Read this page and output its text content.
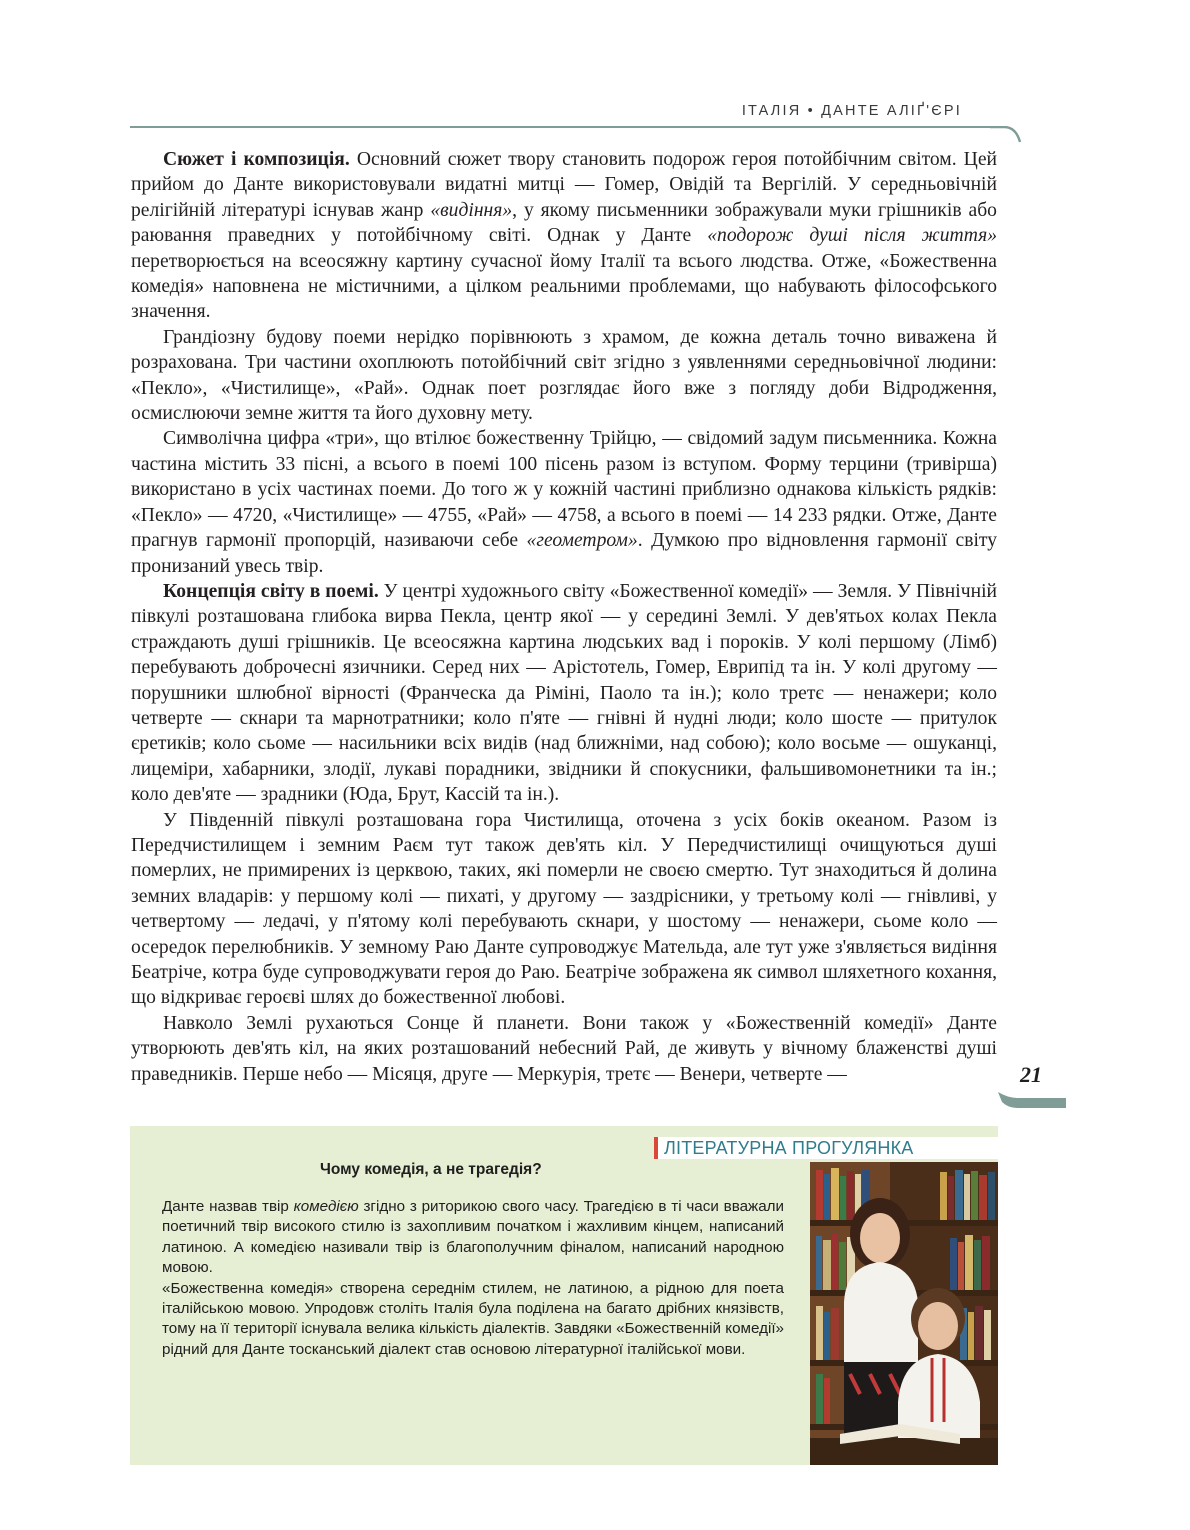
ІТАЛІЯ • ДАНТЕ АЛІҐ'ЄРІ

Сюжет і композиція. Основний сюжет твору становить подорож героя потойбічним світом. Цей прийом до Данте використовували видатні митці — Гомер, Овідій та Вергілій. У середньовічній релігійній літературі існував жанр «видіння», у якому письменники зображували муки грішників або раювання праведних у потойбічному світі. Однак у Данте «подорож душі після життя» перетворюється на всеосяжну картину сучасної йому Італії та всього людства. Отже, «Божественна комедія» наповнена не містичними, а цілком реальними проблемами, що набувають філософського значення.

Грандіозну будову поеми нерідко порівнюють з храмом, де кожна деталь точно виважена й розрахована. Три частини охоплюють потойбічний світ згідно з уявленнями середньовічної людини: «Пекло», «Чистилище», «Рай». Однак поет розглядає його вже з погляду доби Відродження, осмислюючи земне життя та його духовну мету.

Символічна цифра «три», що втілює божественну Трійцю, — свідомий задум письменника. Кожна частина містить 33 пісні, а всього в поемі 100 пісень разом із вступом. Форму терцини (тривірша) використано в усіх частинах поеми. До того ж у кожній частині приблизно однакова кількість рядків: «Пекло» — 4720, «Чистилище» — 4755, «Рай» — 4758, а всього в поемі — 14 233 рядки. Отже, Данте прагнув гармонії пропорцій, називаючи себе «геометром». Думкою про відновлення гармонії світу пронизаний увесь твір.

Концепція світу в поемі. У центрі художнього світу «Божественної комедії» — Земля. У Північній півкулі розташована глибока вирва Пекла, центр якої — у середині Землі. У дев'ятьох колах Пекла страждають душі грішників. Це всеосяжна картина людських вад і пороків. У колі першому (Лімб) перебувають доброчесні язичники. Серед них — Арістотель, Гомер, Еврипід та ін. У колі другому — порушники шлюбної вірності (Франческа да Ріміні, Паоло та ін.); коло третє — ненажери; коло четверте — скнари та марнотратники; коло п'яте — гнівні й нудні люди; коло шосте — притулок єретиків; коло сьоме — насильники всіх видів (над ближніми, над собою); коло восьме — ошуканці, лицеміри, хабарники, злодії, лукаві порадники, звідники й спокусники, фальшивомонетники та ін.; коло дев'яте — зрадники (Юда, Брут, Кассій та ін.).

У Південній півкулі розташована гора Чистилища, оточена з усіх боків океаном. Разом із Передчистилищем і земним Раєм тут також дев'ять кіл. У Передчистилищі очищуються душі померлих, не примирених із церквою, таких, які померли не своєю смертю. Тут знаходиться й долина земних владарів: у першому колі — пихаті, у другому — заздрісники, у третьому колі — гнівливі, у четвертому — ледачі, у п'ятому колі перебувають скнари, у шостому — ненажери, сьоме коло — осередок перелюбників. У земному Раю Данте супроводжує Мательда, але тут уже з'являється видіння Беатріче, котра буде супроводжувати героя до Раю. Беатріче зображена як символ шляхетного кохання, що відкриває героєві шлях до божественної любові.

Навколо Землі рухаються Сонце й планети. Вони також у «Божественній комедії» Данте утворюють дев'ять кіл, на яких розташований небесний Рай, де живуть у вічному блаженстві душі праведників. Перше небо — Місяця, друге — Меркурія, третє — Венери, четверте —

ЛІТЕРАТУРНА ПРОГУЛЯНКА
Чому комедія, а не трагедія?

Данте назвав твір комедією згідно з риторикою свого часу. Трагедією в ті часи вважали поетичний твір високого стилю із захопливим початком і жахливим кінцем, написаний латиною. А комедією називали твір із благополучним фіналом, написаний народною мовою.

«Божественна комедія» створена середнім стилем, не латиною, а рідною для поета італійською мовою. Упродовж століть Італія була поділена на багато дрібних князівств, тому на її території існувала велика кількість діалектів. Завдяки «Божественній комедії» рідний для Данте тосканський діалект став основою літературної італійської мови.

21
